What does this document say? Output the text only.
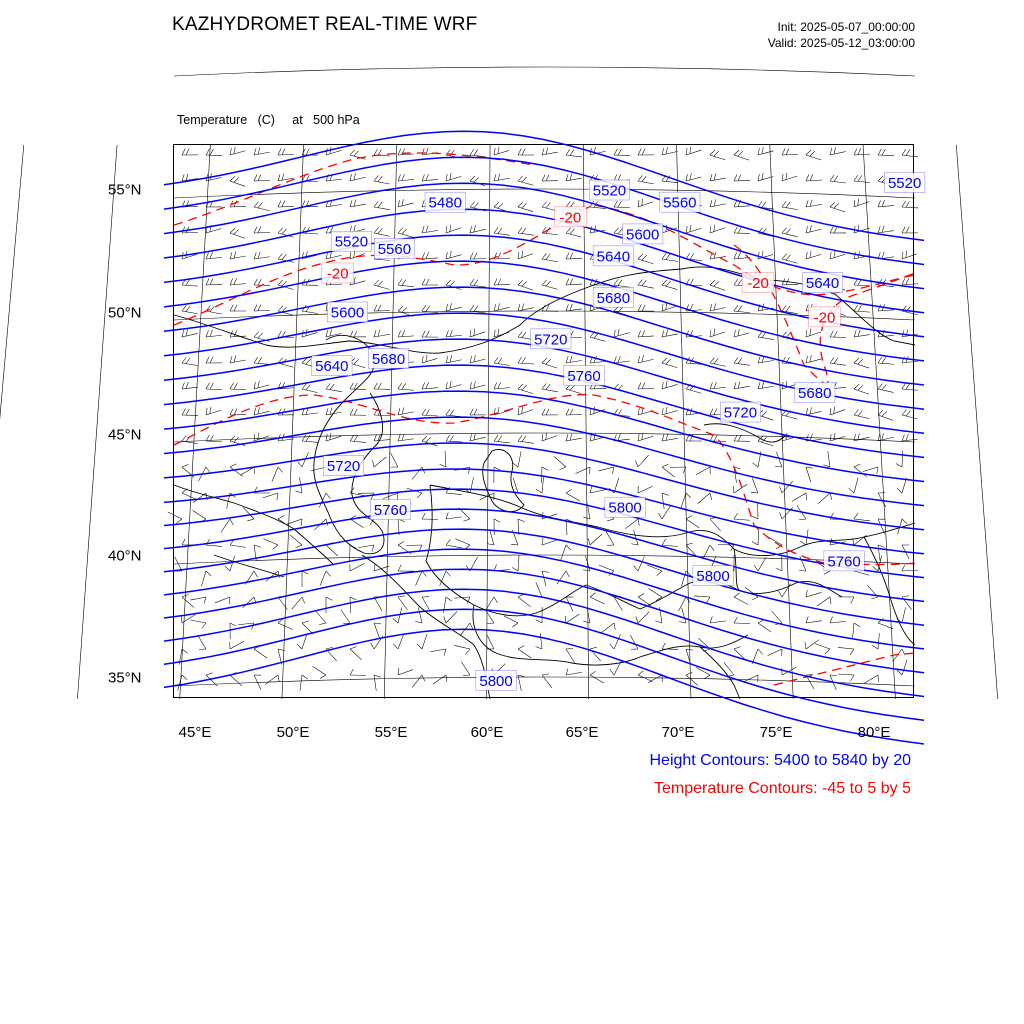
KAZHYDROMET REAL-TIME WRF	Init: 2025-05-07_00:00:00
Valid: 2025-05-12_03:00:00

Temperature   (C)     at   500 hPa

5480
5520	5520
5520 5560
5560
5600
5600
5640
5640
5640
5680
5680
5680
5720
5720
5720
5760
5760
5760
5800
5800
5800
-20
-20
-20
-20
45°E	50°E	55°E	60°E	65°E	70°E	75°E	80°E
55°N
50°N
45°N
40°N
35°N
Height Contours: 5400 to 5840 by 20
Temperature Contours: -45 to 5 by 5
